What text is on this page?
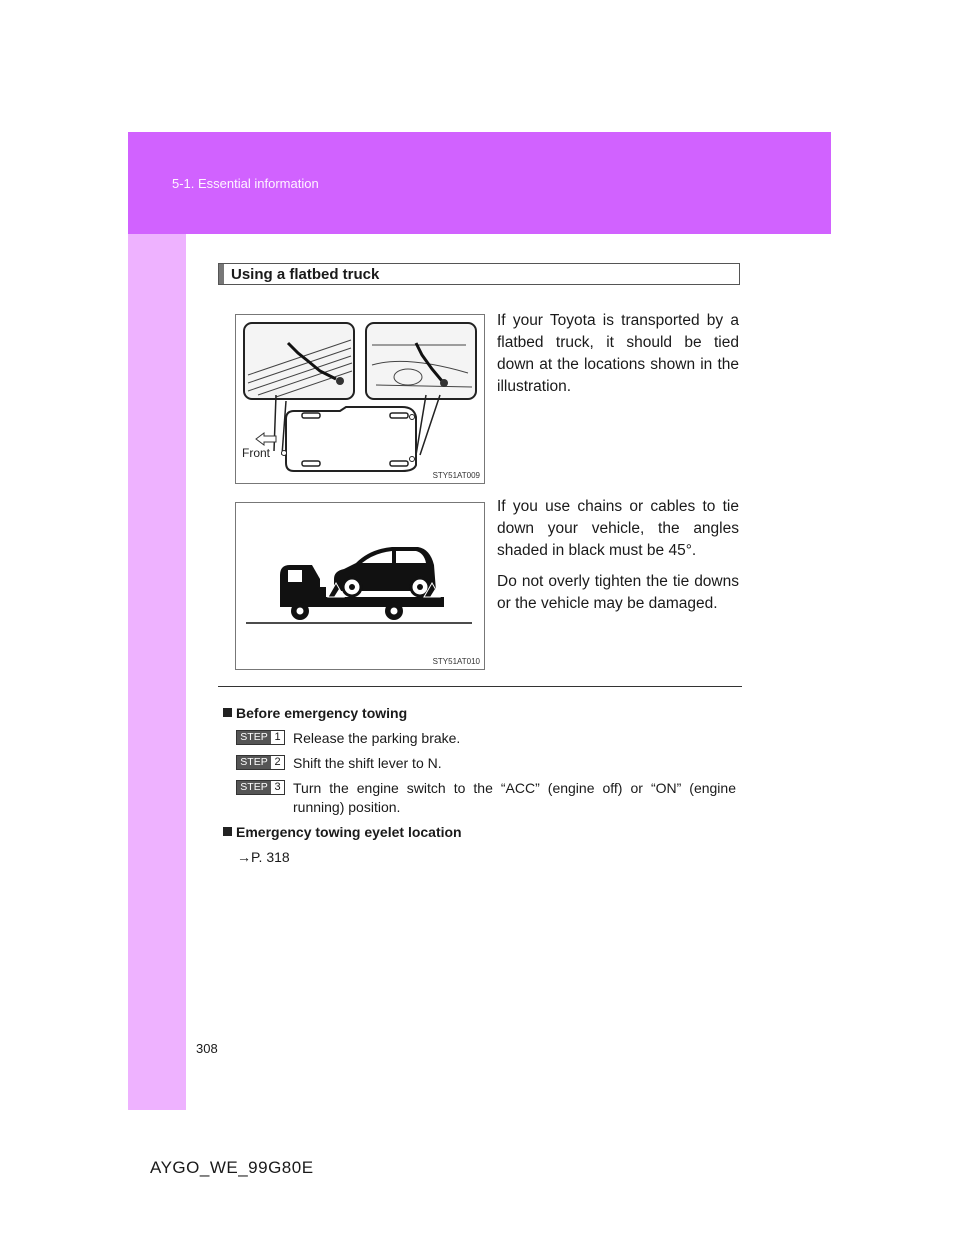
5-1. Essential information
Using a flatbed truck
Front
STY51AT009
STY51AT010

If your Toyota is transported by a flatbed truck, it should be tied down at the locations shown in the illustration.

If you use chains or cables to tie down your vehicle, the angles shaded in black must be 45°.

Do not overly tighten the tie downs or the vehicle may be damaged.

Before emergency towing
STEP 1 Release the parking brake.
STEP 2 Shift the shift lever to N.
STEP 3 Turn the engine switch to the “ACC” (engine off) or “ON” (engine running) position.
Emergency towing eyelet location
→P. 318
308
AYGO_WE_99G80E
